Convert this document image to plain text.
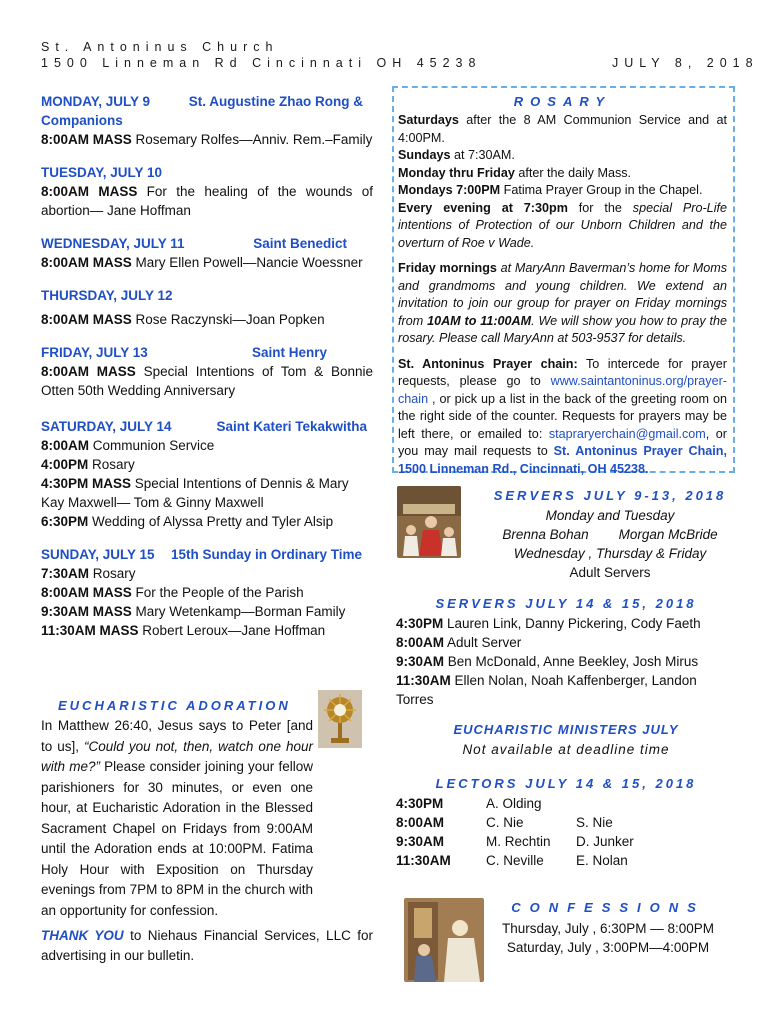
St. Antoninus Church
1500 Linneman Rd Cincinnati OH 45238	JULY 8, 2018

MONDAY, JULY 9	St. Augustine Zhao Rong &

Companions

8:00AM MASS Rosemary Rolfes—Anniv. Rem.–Family

TUESDAY, JULY 10

8:00AM MASS For the healing of the wounds of abortion— Jane Hoffman

WEDNESDAY, JULY 11	Saint Benedict

8:00AM MASS Mary Ellen Powell—Nancie Woessner

THURSDAY, JULY 12

8:00AM MASS Rose Raczynski—Joan Popken

FRIDAY, JULY 13	Saint Henry

8:00AM MASS Special Intentions of Tom & Bonnie Otten 50th Wedding Anniversary

SATURDAY, JULY 14	Saint Kateri Tekakwitha

8:00AM Communion Service

4:00PM Rosary

4:30PM MASS Special Intentions of Dennis & Mary Kay Maxwell— Tom & Ginny Maxwell

6:30PM Wedding of Alyssa Pretty and Tyler Alsip

SUNDAY, JULY 15 15th Sunday in Ordinary Time

7:30AM Rosary

8:00AM MASS For the People of the Parish

9:30AM MASS Mary Wetenkamp—Borman Family

11:30AM MASS Robert Leroux—Jane Hoffman

EUCHARISTIC ADORATION

In Matthew 26:40, Jesus says to Peter [and to us], “Could you not, then, watch one hour with me?” Please consider joining your fellow parishioners for 30 minutes, or even one hour, at Eucharistic Adoration in the Blessed Sacrament Chapel on Fridays from 9:00AM until the Adoration ends at 10:00PM. Fatima Holy Hour with Exposition on Thursday evenings from 7PM to 8PM in the church with an opportunity for confession.

THANK YOU to Niehaus Financial Services, LLC for advertising in our bulletin.

ROSARY

Saturdays after the 8 AM Communion Service and at 4:00PM.

Sundays at 7:30AM.

Monday thru Friday after the daily Mass.

Mondays 7:00PM Fatima Prayer Group in the Chapel.

Every evening at 7:30pm for the special Pro-Life intentions of Protection of our Unborn Children and the overturn of Roe v Wade.

Friday mornings at MaryAnn Baverman’s home for Moms and grandmoms and young children. We extend an invitation to join our group for prayer on Friday mornings from 10AM to 11:00AM. We will show you how to pray the rosary. Please call MaryAnn at 503-9537 for details.

St. Antoninus Prayer chain: To intercede for prayer requests, please go to www.saintantoninus.org/prayer-chain , or pick up a list in the back of the greeting room on the right side of the counter. Requests for prayers may be left there, or emailed to: stapraryerchain@gmail.com, or you may mail requests to St. Antoninus Prayer Chain, 1500 Linneman Rd., Cincinnati, OH 45238.

SERVERS JULY 9-13, 2018

Monday and Tuesday

Brenna Bohan Morgan McBride

Wednesday , Thursday & Friday

Adult Servers

SERVERS JULY 14 & 15, 2018

4:30PM Lauren Link, Danny Pickering, Cody Faeth

8:00AM Adult Server

9:30AM Ben McDonald, Anne Beekley, Josh Mirus

11:30AM Ellen Nolan, Noah Kaffenberger, Landon Torres

EUCHARISTIC MINISTERS JULY

Not available at deadline time

LECTORS JULY 14 & 15, 2018
4:30PM	A. Olding
8:00AM	C. Nie	S. Nie
9:30AM	M. Rechtin	D. Junker
11:30AM	C. Neville	E. Nolan
CONFESSIONS

Thursday, July , 6:30PM — 8:00PM

Saturday, July , 3:00PM—4:00PM
